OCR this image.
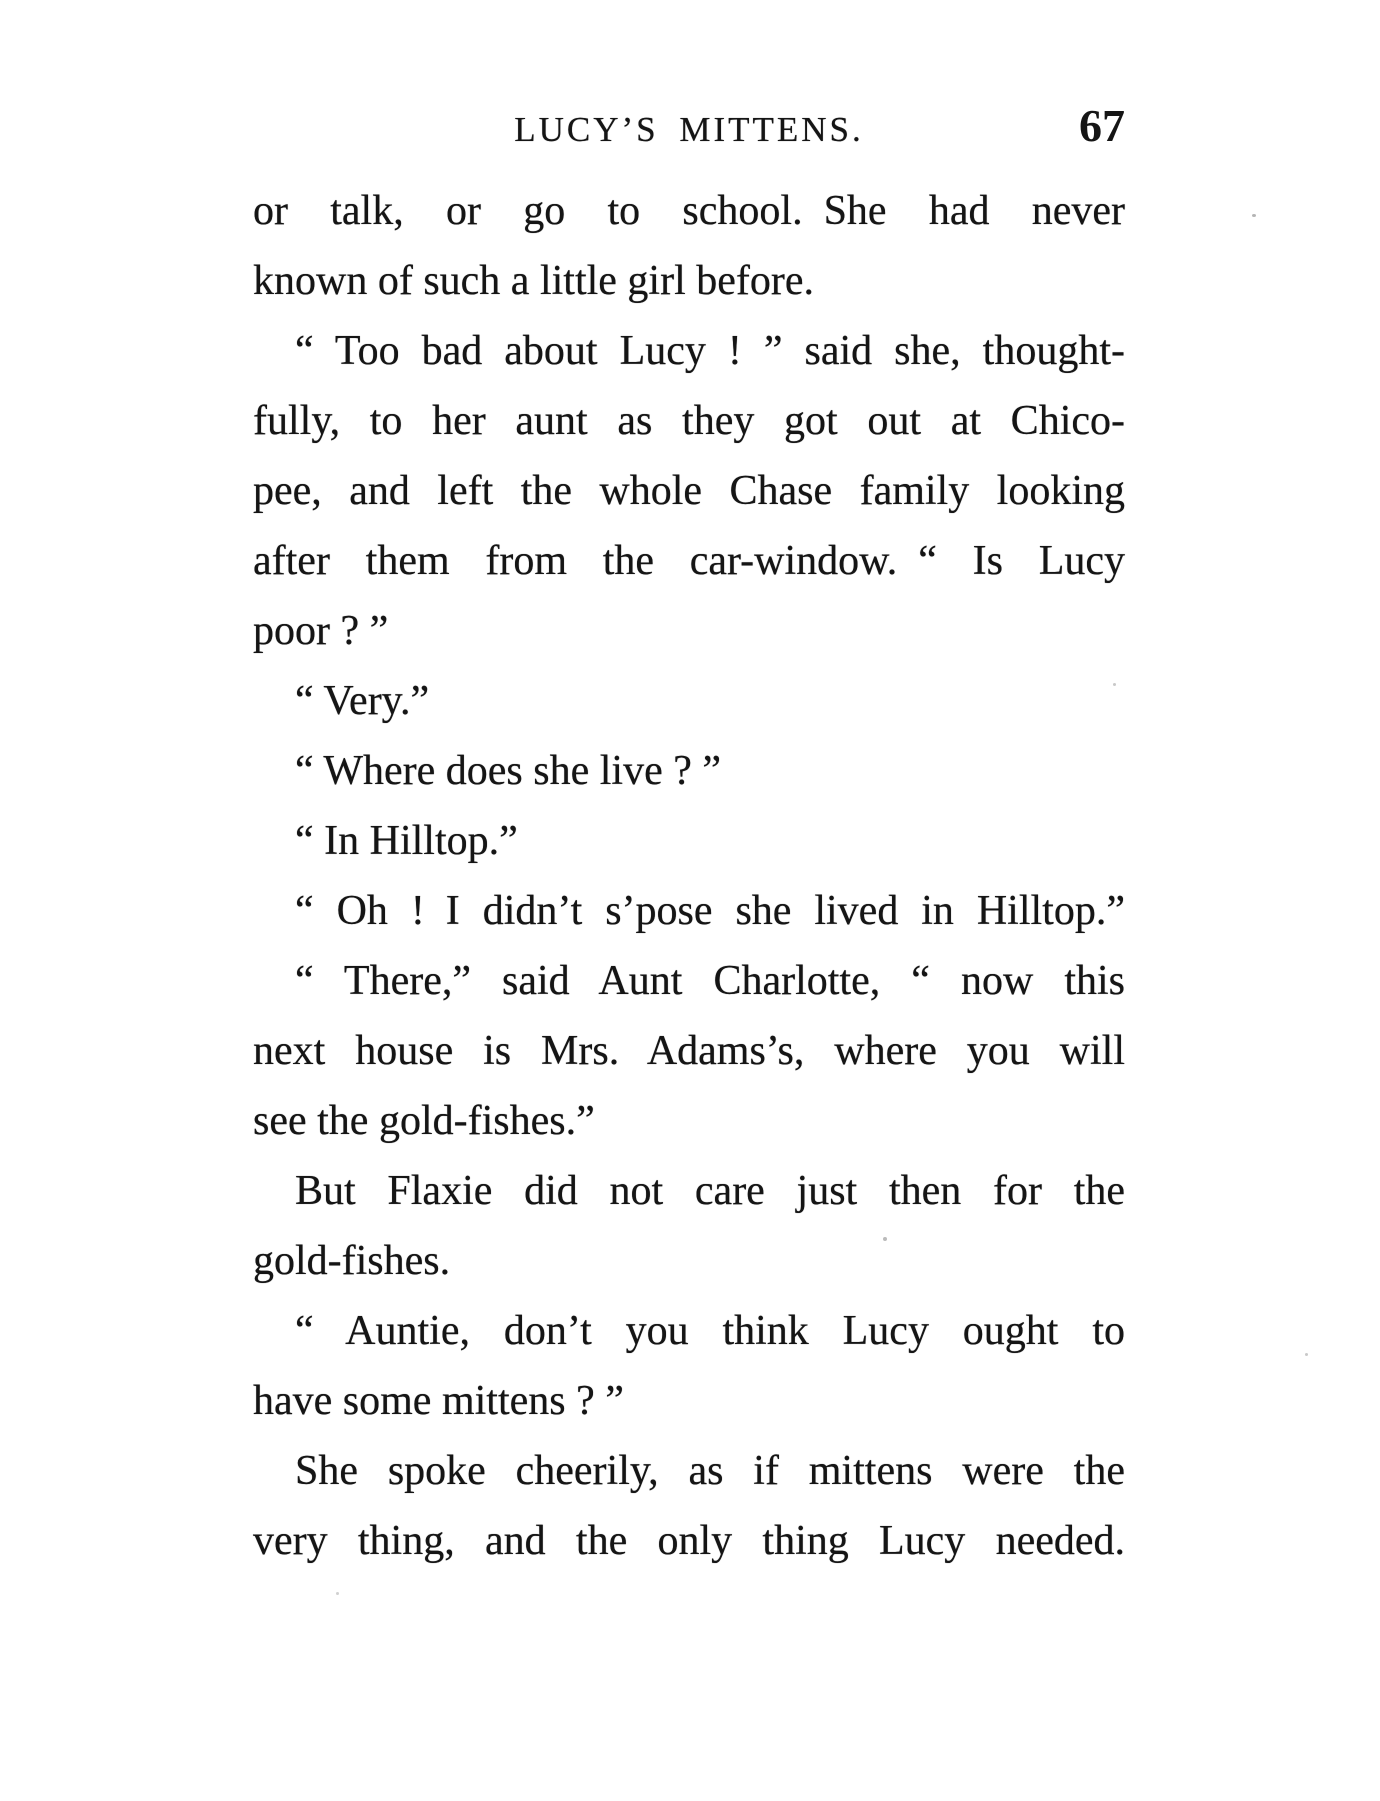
LUCY’S MITTENS.	67
or talk, or go to school. She had never
known of such a little girl before.
“ Too bad about Lucy ! ” said she, thought-
fully, to her aunt as they got out at Chico-
pee, and left the whole Chase family looking
after them from the car-window. “ Is Lucy
poor ? ”
“ Very.”
“ Where does she live ? ”
“ In Hilltop.”
“ Oh ! I didn’t s’pose she lived in Hilltop.”
“ There,” said Aunt Charlotte, “ now this
next house is Mrs. Adams’s, where you will
see the gold-fishes.”
But Flaxie did not care just then for the
gold-fishes.
“ Auntie, don’t you think Lucy ought to
have some mittens ? ”
She spoke cheerily, as if mittens were the
very thing, and the only thing Lucy needed.
